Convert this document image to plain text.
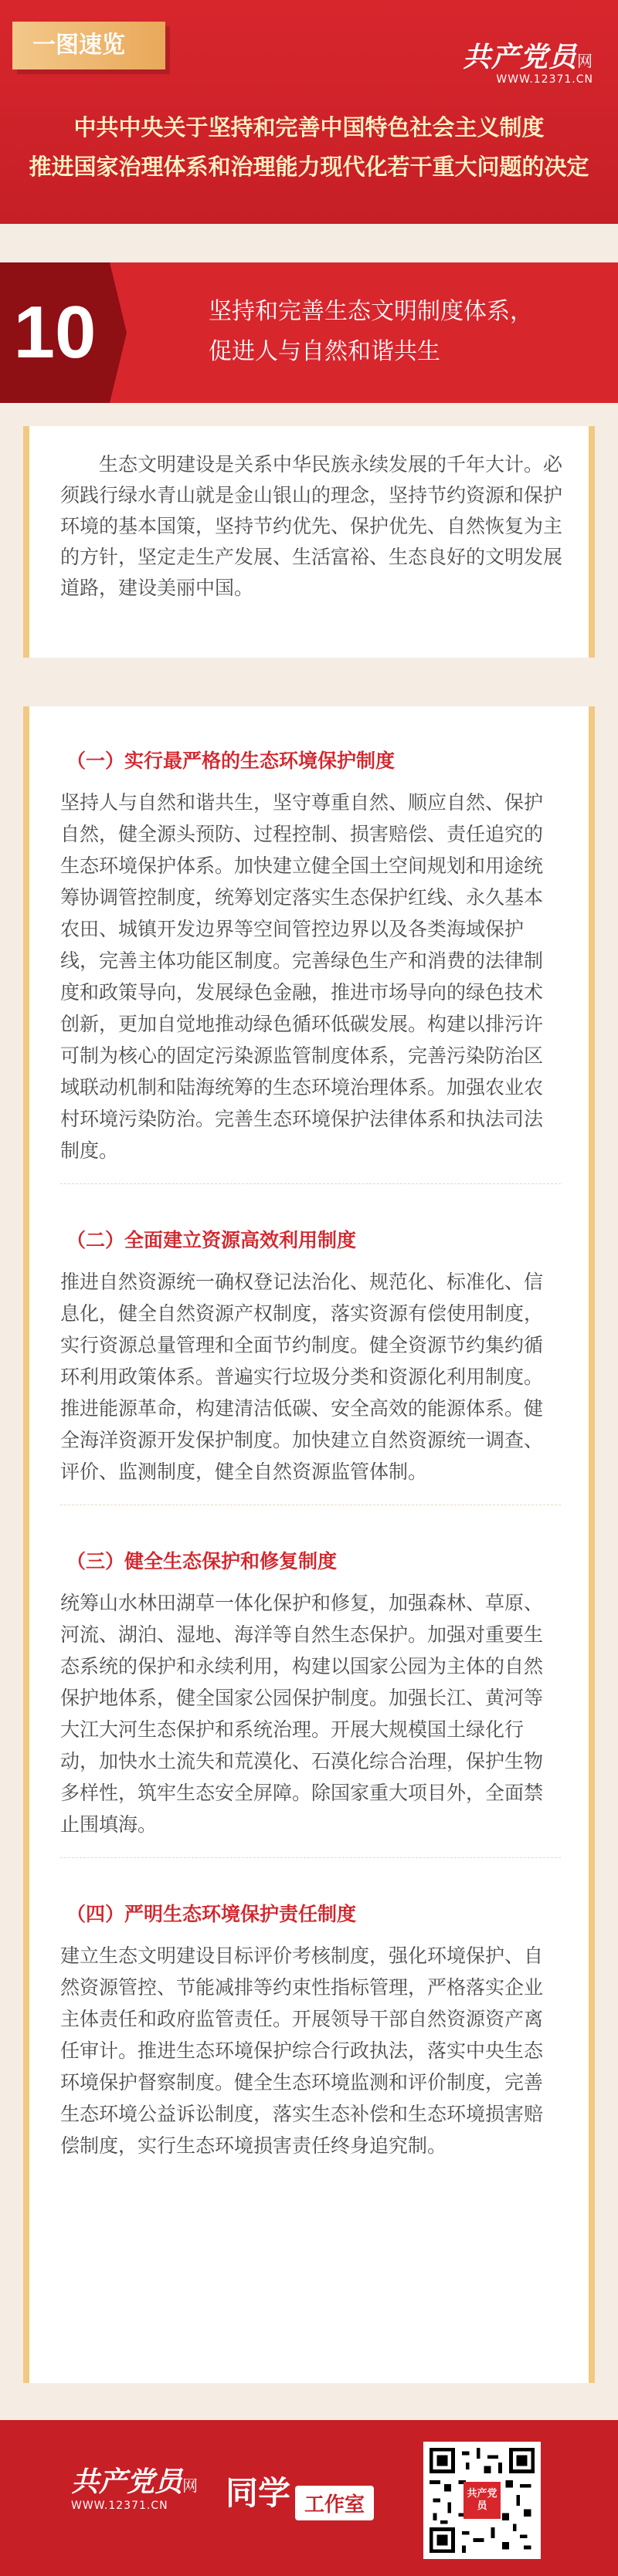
一图速览	共产党员网
WWW.12371.CN
中共中央关于坚持和完善中国特色社会主义制度
推进国家治理体系和治理能力现代化若干重大问题的决定
10	坚持和完善生态文明制度体系，
促进人与自然和谐共生

生态文明建设是关系中华民族永续发展的千年大计。必须践行绿水青山就是金山银山的理念，坚持节约资源和保护环境的基本国策，坚持节约优先、保护优先、自然恢复为主的方针，坚定走生产发展、生活富裕、生态良好的文明发展道路，建设美丽中国。

（一）实行最严格的生态环境保护制度

坚持人与自然和谐共生，坚守尊重自然、顺应自然、保护自然，健全源头预防、过程控制、损害赔偿、责任追究的生态环境保护体系。加快建立健全国土空间规划和用途统筹协调管控制度，统筹划定落实生态保护红线、永久基本农田、城镇开发边界等空间管控边界以及各类海域保护线，完善主体功能区制度。完善绿色生产和消费的法律制度和政策导向，发展绿色金融，推进市场导向的绿色技术创新，更加自觉地推动绿色循环低碳发展。构建以排污许可制为核心的固定污染源监管制度体系，完善污染防治区域联动机制和陆海统筹的生态环境治理体系。加强农业农村环境污染防治。完善生态环境保护法律体系和执法司法制度。

（二）全面建立资源高效利用制度

推进自然资源统一确权登记法治化、规范化、标准化、信息化，健全自然资源产权制度，落实资源有偿使用制度，实行资源总量管理和全面节约制度。健全资源节约集约循环利用政策体系。普遍实行垃圾分类和资源化利用制度。推进能源革命，构建清洁低碳、安全高效的能源体系。健全海洋资源开发保护制度。加快建立自然资源统一调查、评价、监测制度，健全自然资源监管体制。

（三）健全生态保护和修复制度

统筹山水林田湖草一体化保护和修复，加强森林、草原、河流、湖泊、湿地、海洋等自然生态保护。加强对重要生态系统的保护和永续利用，构建以国家公园为主体的自然保护地体系，健全国家公园保护制度。加强长江、黄河等大江大河生态保护和系统治理。开展大规模国土绿化行动，加快水土流失和荒漠化、石漠化综合治理，保护生物多样性，筑牢生态安全屏障。除国家重大项目外，全面禁止围填海。

（四）严明生态环境保护责任制度

建立生态文明建设目标评价考核制度，强化环境保护、自然资源管控、节能减排等约束性指标管理，严格落实企业主体责任和政府监管责任。开展领导干部自然资源资产离任审计。推进生态环境保护综合行政执法，落实中央生态环境保护督察制度。健全生态环境监测和评价制度，完善生态环境公益诉讼制度，落实生态补偿和生态环境损害赔偿制度，实行生态环境损害责任终身追究制。

共产党员网
WWW.12371.CN	同学 工作室	共产党员
